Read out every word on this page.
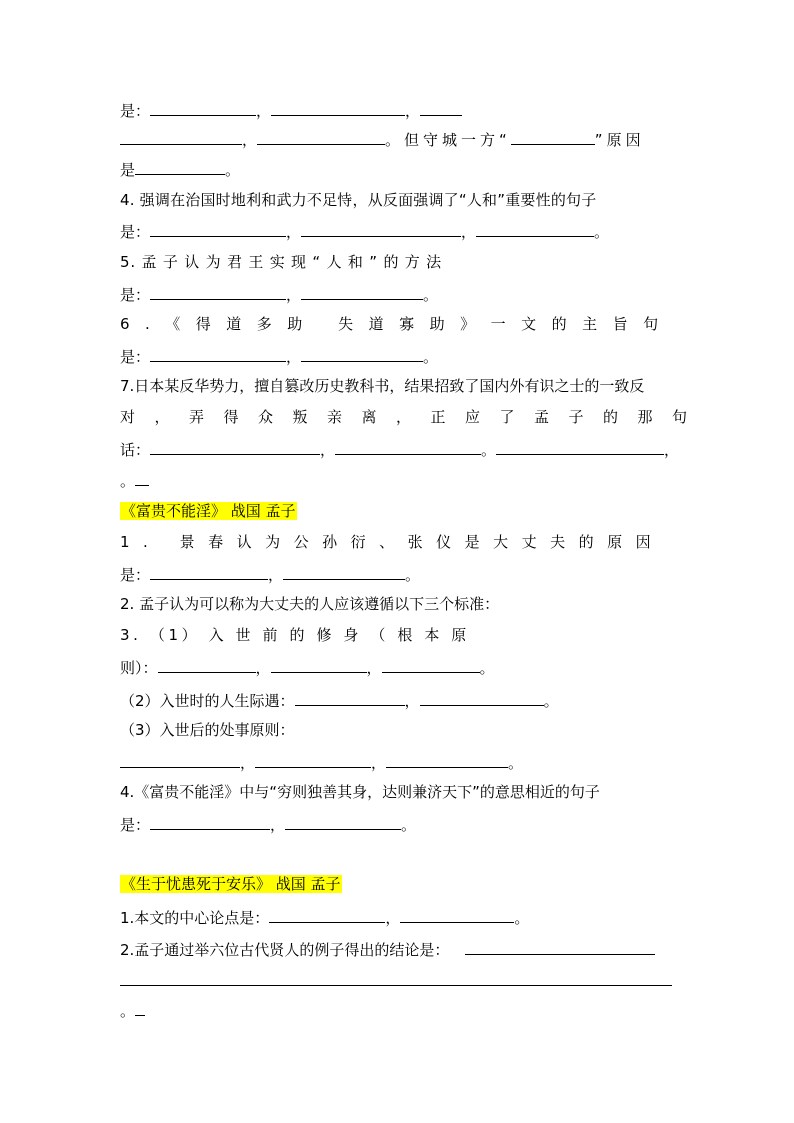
是：	，	，
，	。但守城一方“	”原因
是	。
4. 强调在治国时地利和武力不足恃，从反面强调了“人和”重要性的句子
是：	，	，	。
5. 孟 子 认 为 君 王 实 现 “ 人 和 ” 的 方 法
是：	，	。
6.《得道多助 失道寡助》一文的主旨句
是：	，	。
7.日本某反华势力，擅自篡改历史教科书，结果招致了国内外有识之士的一致反
对，弄得众叛亲离，正应了孟子的那句
话：	，	。	，
。
《富贵不能淫》 战国 孟子
1. 景春认为公孙衍、张仪是大丈夫的原因
是：	，	。
2. 孟子认为可以称为大丈夫的人应该遵循以下三个标准：
3. （1） 入 世 前 的 修 身 （ 根 本 原
则）：	，	，	。
（2）入世时的人生际遇：	，	。
（3）入世后的处事原则：
，	，	。
4.《富贵不能淫》中与“穷则独善其身，达则兼济天下”的意思相近的句子
是：	，	。
《生于忧患死于安乐》 战国 孟子
1.本文的中心论点是：	，	。
2.孟子通过举六位古代贤人的例子得出的结论是：
。
